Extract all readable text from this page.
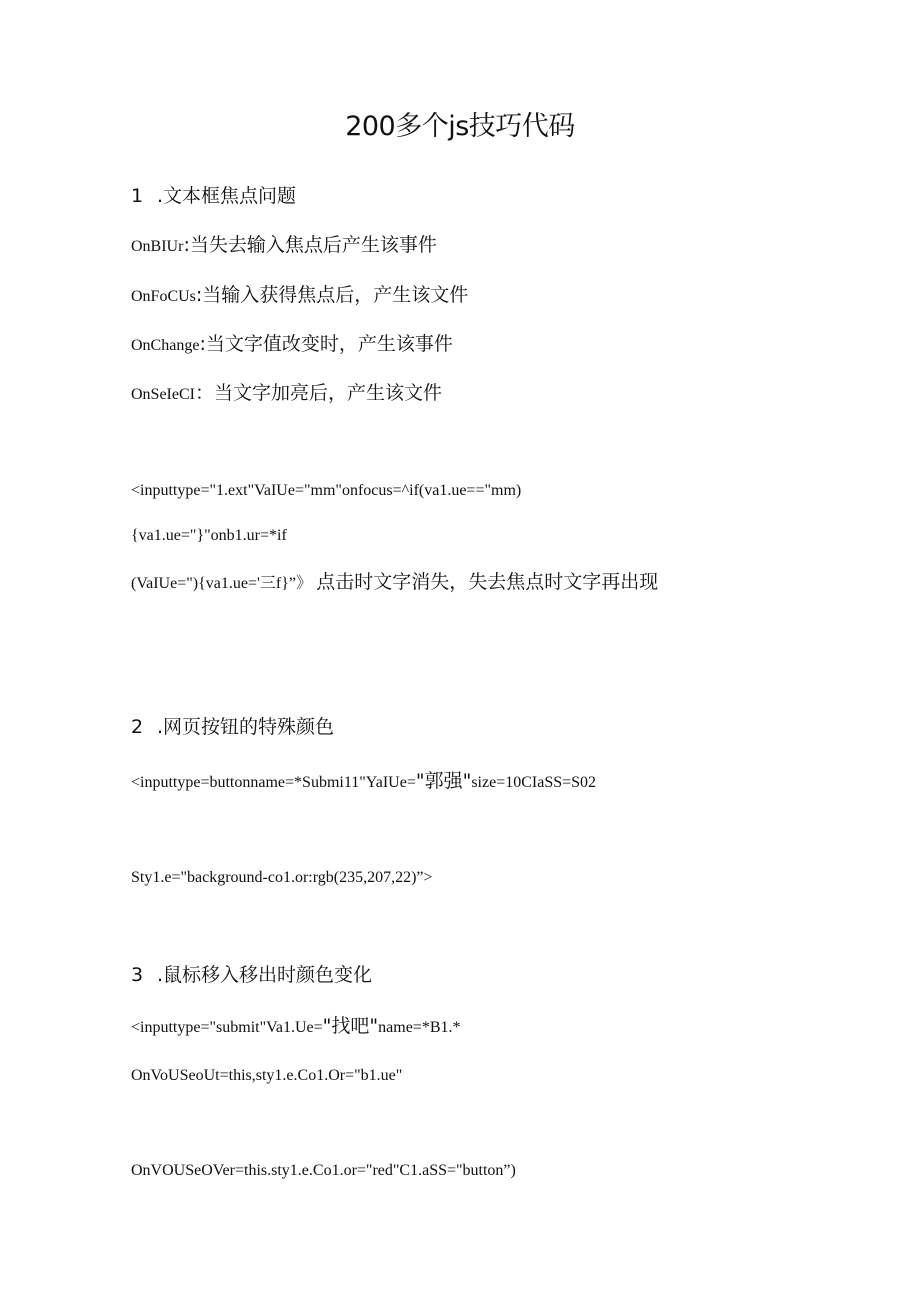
200多个js技巧代码
1 .文本框焦点问题
OnBIUr:当失去输入焦点后产生该事件
OnFoCUs:当输入获得焦点后，产生该文件
OnChange:当文字值改变时，产生该事件
OnSeIeCI：当文字加亮后，产生该文件
<inputtype="1.ext"VaIUe="mm"onfocus=^if(va1.ue=="mm)
{va1.ue="}"onb1.ur=*if
(VaIUe="){va1.ue='三f}”》 点击时文字消失，失去焦点时文字再出现
2 .网页按钮的特殊颜色
<inputtype=buttonname=*Submi11"YaIUe="郭强"size=10CIaSS=S02
Sty1.e="background-co1.or:rgb(235,207,22)”>
3 .鼠标移入移出时颜色变化
<inputtype="submit"Va1.Ue="找吧"name=*B1.*
OnVoUSeoUt=this,sty1.e.Co1.Or="b1.ue"
OnVOUSeOVer=this.sty1.e.Co1.or="red"C1.aSS="button”)
